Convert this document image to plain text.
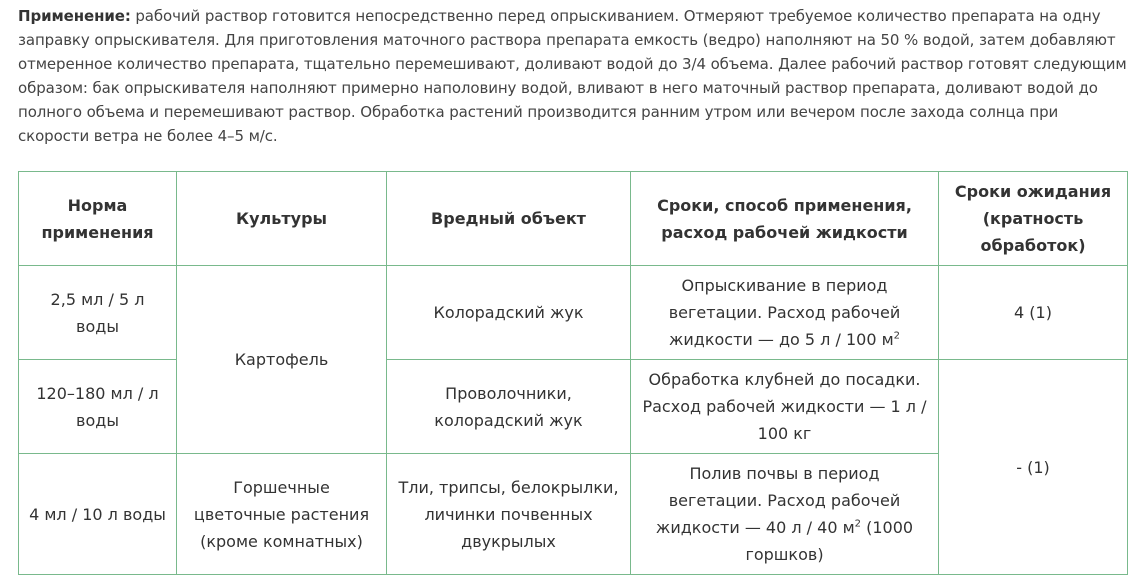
Применение: рабочий раствор готовится непосредственно перед опрыскиванием. Отмеряют требуемое количество препарата на одну заправку опрыскивателя. Для приготовления маточного раствора препарата емкость (ведро) наполняют на 50 % водой, затем добавляют отмеренное количество препарата, тщательно перемешивают, доливают водой до 3/4 объема. Далее рабочий раствор готовят следующим образом: бак опрыскивателя наполняют примерно наполовину водой, вливают в него маточный раствор препарата, доливают водой до полного объема и перемешивают раствор. Обработка растений производится ранним утром или вечером после захода солнца при скорости ветра не более 4–5 м/с.
Норма применения	Культуры	Вредный объект	Сроки, способ применения, расход рабочей жидкости	Сроки ожидания (кратность обработок)
2,5 мл / 5 л воды	Картофель	Колорадский жук	Опрыскивание в период вегетации. Расход рабочей жидкости — до 5 л / 100 $м^2$	4 (1)
120–180 мл / л воды		Проволочники, колорадский жук	Обработка клубней до посадки. Расход рабочей жидкости — 1 л / 100 кг	- (1)
4 мл / 10 л воды	Горшечные цветочные растения (кроме комнатных)	Тли, трипсы, белокрылки, личинки почвенных двукрылых	Полив почвы в период вегетации. Расход рабочей жидкости — 40 л / 40 $м^2$ (1000 горшков)	
